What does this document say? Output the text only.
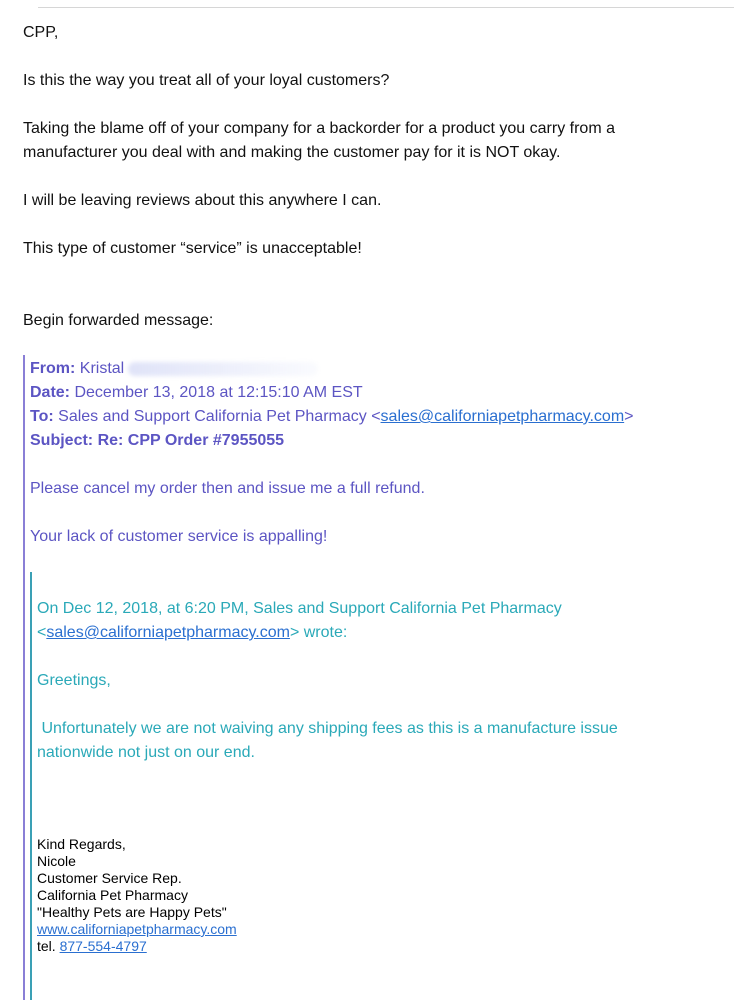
CPP,

Is this the way you treat all of your loyal customers?

Taking the blame off of your company for a backorder for a product you carry from a

manufacturer you deal with and making the customer pay for it is NOT okay.

I will be leaving reviews about this anywhere I can.

This type of customer “service” is unacceptable!

Begin forwarded message:

From: Kristal
Date: December 13, 2018 at 12:15:10 AM EST
To: Sales and Support California Pet Pharmacy <sales@californiapetpharmacy.com>
Subject: Re: CPP Order #7955055
Please cancel my order then and issue me a full refund.
Your lack of customer service is appalling!
On Dec 12, 2018, at 6:20 PM, Sales and Support California Pet Pharmacy
<sales@californiapetpharmacy.com> wrote:
Greetings,
Unfortunately we are not waiving any shipping fees as this is a manufacture issue
nationwide not just on our end.
Kind Regards,
Nicole
Customer Service Rep.
California Pet Pharmacy
"Healthy Pets are Happy Pets"
www.californiapetpharmacy.com
tel. 877-554-4797
